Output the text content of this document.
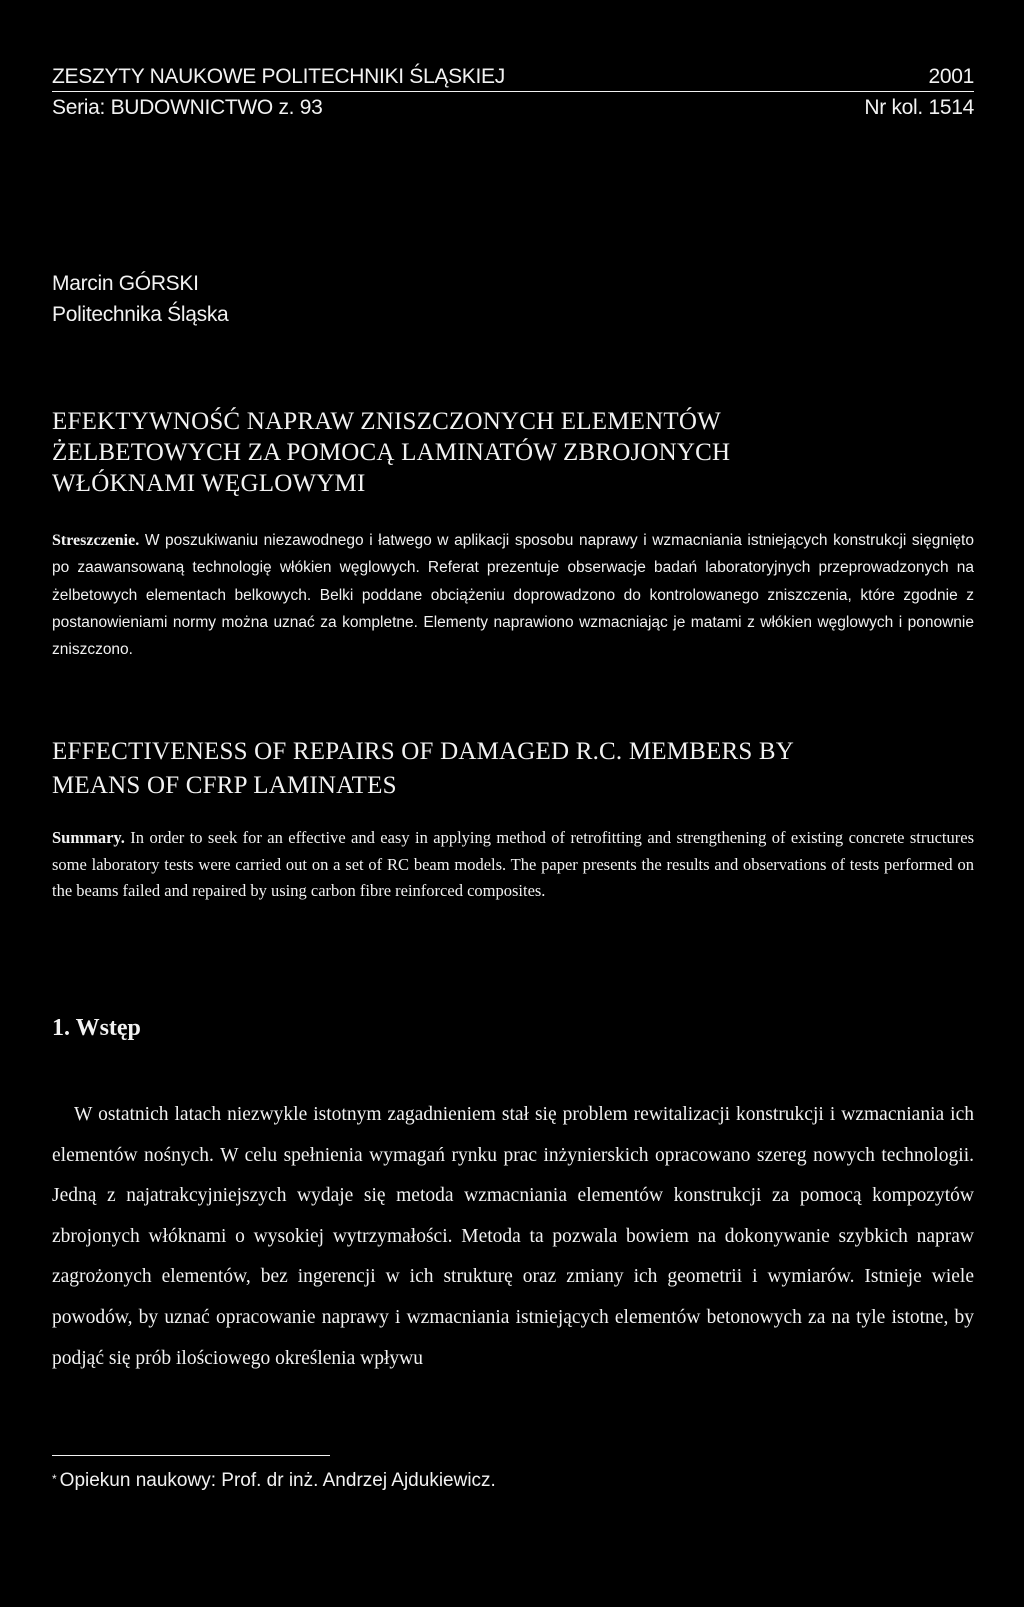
ZESZYTY NAUKOWE POLITECHNIKI ŚLĄSKIEJ	2001
Seria: BUDOWNICTWO z. 93	Nr kol. 1514
Marcin GÓRSKI
Politechnika Śląska
EFEKTYWNOŚĆ NAPRAW ZNISZCZONYCH ELEMENTÓW
ŻELBETOWYCH ZA POMOCĄ LAMINATÓW ZBROJONYCH
WŁÓKNAMI WĘGLOWYMI
Streszczenie. W poszukiwaniu niezawodnego i łatwego w aplikacji sposobu naprawy i wzmacniania istniejących konstrukcji sięgnięto po zaawansowaną technologię włókien węglowych. Referat prezentuje obserwacje badań laboratoryjnych przeprowadzonych na żelbetowych elementach belkowych. Belki poddane obciążeniu doprowadzono do kontrolowanego zniszczenia, które zgodnie z postanowieniami normy można uznać za kompletne. Elementy naprawiono wzmacniając je matami z włókien węglowych i ponownie zniszczono.
EFFECTIVENESS OF REPAIRS OF DAMAGED R.C. MEMBERS BY
MEANS OF CFRP LAMINATES
Summary. In order to seek for an effective and easy in applying method of retrofitting and strengthening of existing concrete structures some laboratory tests were carried out on a set of RC beam models. The paper presents the results and observations of tests performed on the beams failed and repaired by using carbon fibre reinforced composites.
1. Wstęp

W ostatnich latach niezwykle istotnym zagadnieniem stał się problem rewitalizacji konstrukcji i wzmacniania ich elementów nośnych. W celu spełnienia wymagań rynku prac inżynierskich opracowano szereg nowych technologii. Jedną z najatrakcyjniejszych wydaje się metoda wzmacniania elementów konstrukcji za pomocą kompozytów zbrojonych włóknami o wysokiej wytrzymałości. Metoda ta pozwala bowiem na dokonywanie szybkich napraw zagrożonych elementów, bez ingerencji w ich strukturę oraz zmiany ich geometrii i wymiarów. Istnieje wiele powodów, by uznać opracowanie naprawy i wzmacniania istniejących elementów betonowych za na tyle istotne, by podjąć się prób ilościowego określenia wpływu

* Opiekun naukowy: Prof. dr inż. Andrzej Ajdukiewicz.
